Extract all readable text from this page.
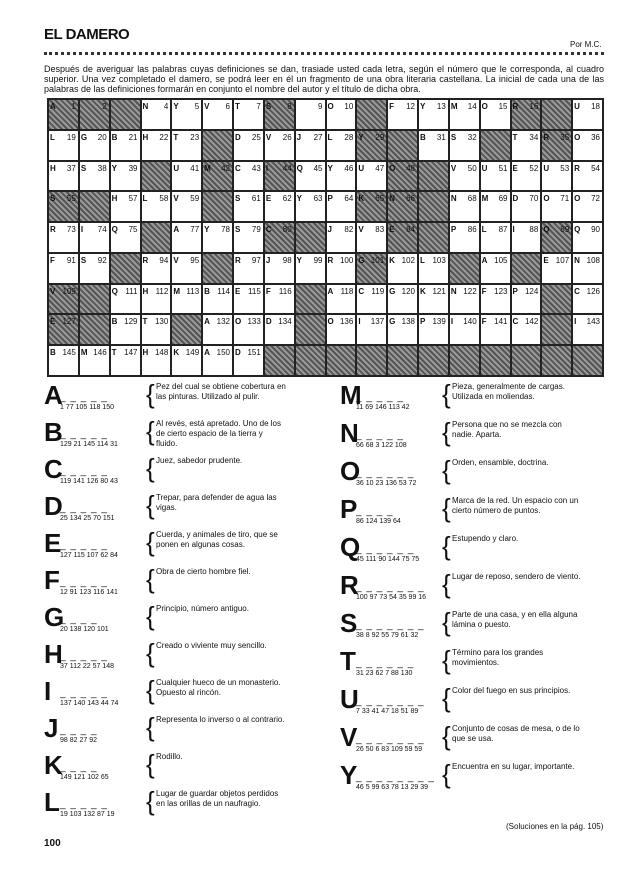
EL DAMERO
Por M.C.
Después de averiguar las palabras cuyas definiciones se dan, trasiade usted cada letra, según el número que le corresponda, al cuadro superior. Una vez completado el damero, se podrá leer en él un fragmento de una obra literaria castellana. La inicial de cada una de las palabras de las definiciones formarán en conjunto el nombre del autor y el título de dicha obra.
A 1	2	N 4 Y 5 V 6 T 7 S 8	9 O 10	F 12 Y 13 M 14 O 15 R 16	U 18
L 19 G 20 B 21 H 22 T 23	D 25 V 26 J 27 L 28 Y 29	B 31 S 32	T 34 R 35 O 36
H 37 S 38 Y 39	U 41 M 42 C 43 I 44 Q 45 Y 46 U 47 O 48	V 50 U 51 E 52 U 53 R 54
S 55	H 57 L 58 V 59	S 61 E 62 Y 63 P 64 K 65 N 66	N 68 M 69 D 70 O 71 O 72
R 73 I 74 Q 75	A 77 Y 78 S 79 C 80	J 82 V 83 E 84	P 86 L 87 I 88 Q 89 Q 90
F 91 S 92	R 94 V 95	R 97 J 98 Y 99 R 100 G 101 K 102 L 103	A 105	E 107 N 108
V 109	Q 111 H 112 M 113 B 114 E 115 F 116	A 118 C 119 G 120 K 121 N 122 F 123 P 124	C 126
E 127	B 129 T 130	A 132 O 133 D 134	O 136 I 137 G 138 P 139 I 140 F 141 C 142	I 143
B 145 M 146 T 147 H 148 K 149 A 150 D 151
A
_ _ _ _ _
1 77 105 118 150 { Pez del cual se obtiene cobertura en las pinturas. Utilizado al pulir.
B
_ _ _ _ _
129 21 145 114 31 { Al revés, está apretado. Uno de los de cierto espacio de la tierra y fluido.
C
_ _ _ _ _
119 141 126 80 43 { Juez, sabedor prudente.
D
_ _ _ _ _
25 134 25 70 151 { Trepar, para defender de agua las vigas.
E
_ _ _ _ _
127 115 107 62 84 { Cuerda, y animales de tiro, que se ponen en algunas cosas.
F _ _ _ _ _
12 91 123 116 141 { Obra de cierto hombre fiel.
G
_ _ _ _
20 138 120 101 { Principio, número antiguo.
H
_ _ _ _ _
37 112 22 57 148 { Creado o viviente muy sencillo.
I _ _ _ _ _
137 140 143 44 74 { Cualquier hueco de un monasterio. Opuesto al rincón.
J _ _ _ _
98 82 27 92 { Representa lo inverso o al contrario.
K
_ _ _ _
149 121 102 65 { Rodillo.
L _ _ _ _ _
19 103 132 87 19 { Lugar de guardar objetos perdidos en las orillas de un naufragio.
M
_ _ _ _ _
11 69 146 113 42 { Pieza, generalmente de cargas. Utilizada en moliendas.
N
_ _ _ _ _
66 68 3 122 108 { Persona que no se mezcla con nadie. Aparta.
O
_ _ _ _ _ _
36 10 23 136 53 72 { Orden, ensamble, doctrina.
P
_ _ _ _
86 124 139 64 { Marca de la red. Un espacio con un cierto número de puntos.
Q
_ _ _ _ _ _
45 111 90 144 75 75 { Estupendo y claro.
R
_ _ _ _ _ _ _
100 97 73 54 35 99 16 { Lugar de reposo, sendero de viento.
S
_ _ _ _ _ _ _
38 8 92 55 79 61 32 { Parte de una casa, y en ella alguna lámina o puesto.
T _ _ _ _ _ _
31 23 62 7 88 130 { Término para los grandes movimientos.
U
_ _ _ _ _ _ _
7 33 41 47 18 51 89 { Color del fuego en sus principios.
V
_ _ _ _ _ _ _
26 50 6 83 109 59 59 { Conjunto de cosas de mesa, o de lo que se usa.
Y
_ _ _ _ _ _ _ _
46 5 99 63 78 13 29 39 { Encuentra en su lugar, importante.
(Soluciones en la pág. 105)
100
